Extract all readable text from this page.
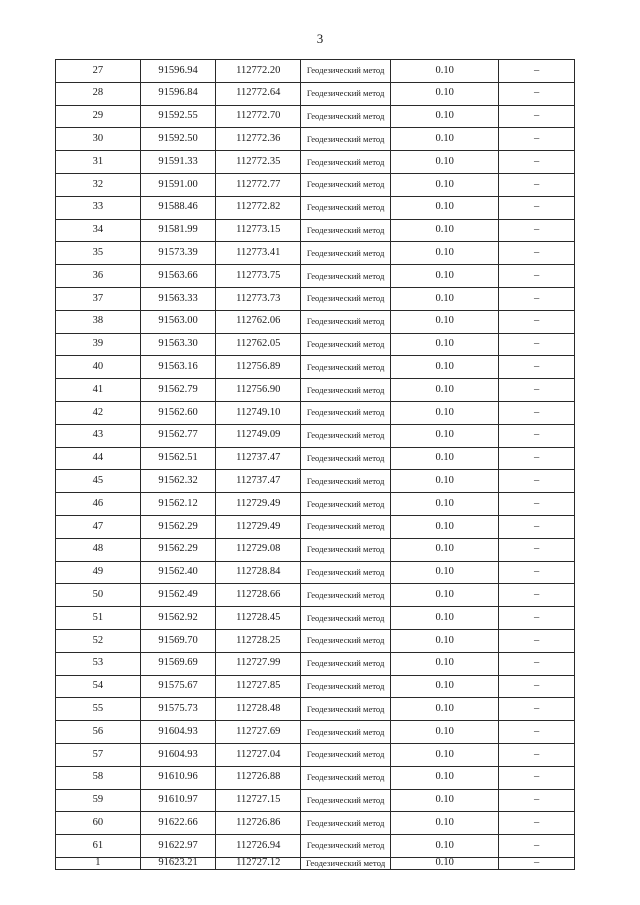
3
27	91596.94	112772.20	Геодезический метод	0.10	–
28	91596.84	112772.64	Геодезический метод	0.10	–
29	91592.55	112772.70	Геодезический метод	0.10	–
30	91592.50	112772.36	Геодезический метод	0.10	–
31	91591.33	112772.35	Геодезический метод	0.10	–
32	91591.00	112772.77	Геодезический метод	0.10	–
33	91588.46	112772.82	Геодезический метод	0.10	–
34	91581.99	112773.15	Геодезический метод	0.10	–
35	91573.39	112773.41	Геодезический метод	0.10	–
36	91563.66	112773.75	Геодезический метод	0.10	–
37	91563.33	112773.73	Геодезический метод	0.10	–
38	91563.00	112762.06	Геодезический метод	0.10	–
39	91563.30	112762.05	Геодезический метод	0.10	–
40	91563.16	112756.89	Геодезический метод	0.10	–
41	91562.79	112756.90	Геодезический метод	0.10	–
42	91562.60	112749.10	Геодезический метод	0.10	–
43	91562.77	112749.09	Геодезический метод	0.10	–
44	91562.51	112737.47	Геодезический метод	0.10	–
45	91562.32	112737.47	Геодезический метод	0.10	–
46	91562.12	112729.49	Геодезический метод	0.10	–
47	91562.29	112729.49	Геодезический метод	0.10	–
48	91562.29	112729.08	Геодезический метод	0.10	–
49	91562.40	112728.84	Геодезический метод	0.10	–
50	91562.49	112728.66	Геодезический метод	0.10	–
51	91562.92	112728.45	Геодезический метод	0.10	–
52	91569.70	112728.25	Геодезический метод	0.10	–
53	91569.69	112727.99	Геодезический метод	0.10	–
54	91575.67	112727.85	Геодезический метод	0.10	–
55	91575.73	112728.48	Геодезический метод	0.10	–
56	91604.93	112727.69	Геодезический метод	0.10	–
57	91604.93	112727.04	Геодезический метод	0.10	–
58	91610.96	112726.88	Геодезический метод	0.10	–
59	91610.97	112727.15	Геодезический метод	0.10	–
60	91622.66	112726.86	Геодезический метод	0.10	–
61	91622.97	112726.94	Геодезический метод	0.10	–
1	91623.21	112727.12	Геодезический метод	0.10	–
